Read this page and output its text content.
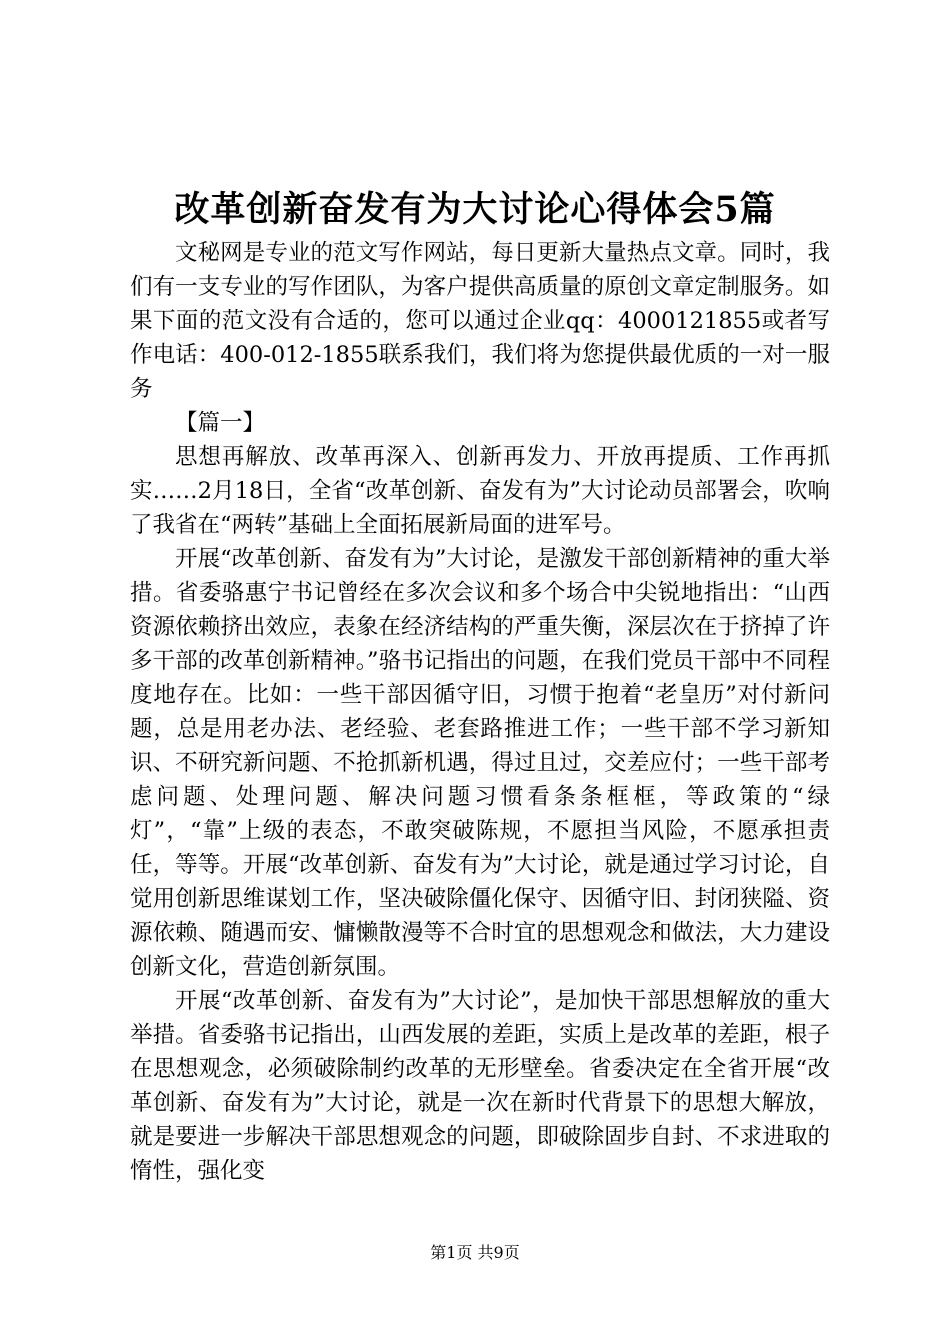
改革创新奋发有为大讨论心得体会5篇

文秘网是专业的范文写作网站，每日更新大量热点文章。同时，我们有一支专业的写作团队，为客户提供高质量的原创文章定制服务。如果下面的范文没有合适的，您可以通过企业qq：4000121855或者写作电话：400-012-1855联系我们，我们将为您提供最优质的一对一服务

【篇一】

思想再解放、改革再深入、创新再发力、开放再提质、工作再抓实……2月18日，全省“改革创新、奋发有为”大讨论动员部署会，吹响了我省在“两转”基础上全面拓展新局面的进军号。

开展“改革创新、奋发有为”大讨论，是激发干部创新精神的重大举措。省委骆惠宁书记曾经在多次会议和多个场合中尖锐地指出：“山西资源依赖挤出效应，表象在经济结构的严重失衡，深层次在于挤掉了许多干部的改革创新精神。”骆书记指出的问题，在我们党员干部中不同程度地存在。比如：一些干部因循守旧，习惯于抱着“老皇历”对付新问题，总是用老办法、老经验、老套路推进工作；一些干部不学习新知识、不研究新问题、不抢抓新机遇，得过且过，交差应付；一些干部考虑问题、处理问题、解决问题习惯看条条框框，等政策的“绿灯”，“靠”上级的表态，不敢突破陈规，不愿担当风险，不愿承担责任，等等。开展“改革创新、奋发有为”大讨论，就是通过学习讨论，自觉用创新思维谋划工作，坚决破除僵化保守、因循守旧、封闭狭隘、资源依赖、随遇而安、慵懒散漫等不合时宜的思想观念和做法，大力建设创新文化，营造创新氛围。

开展“改革创新、奋发有为”大讨论”，是加快干部思想解放的重大举措。省委骆书记指出，山西发展的差距，实质上是改革的差距，根子在思想观念，必须破除制约改革的无形壁垒。省委决定在全省开展“改革创新、奋发有为”大讨论，就是一次在新时代背景下的思想大解放，就是要进一步解决干部思想观念的问题，即破除固步自封、不求进取的惰性，强化变

第1页 共9页
